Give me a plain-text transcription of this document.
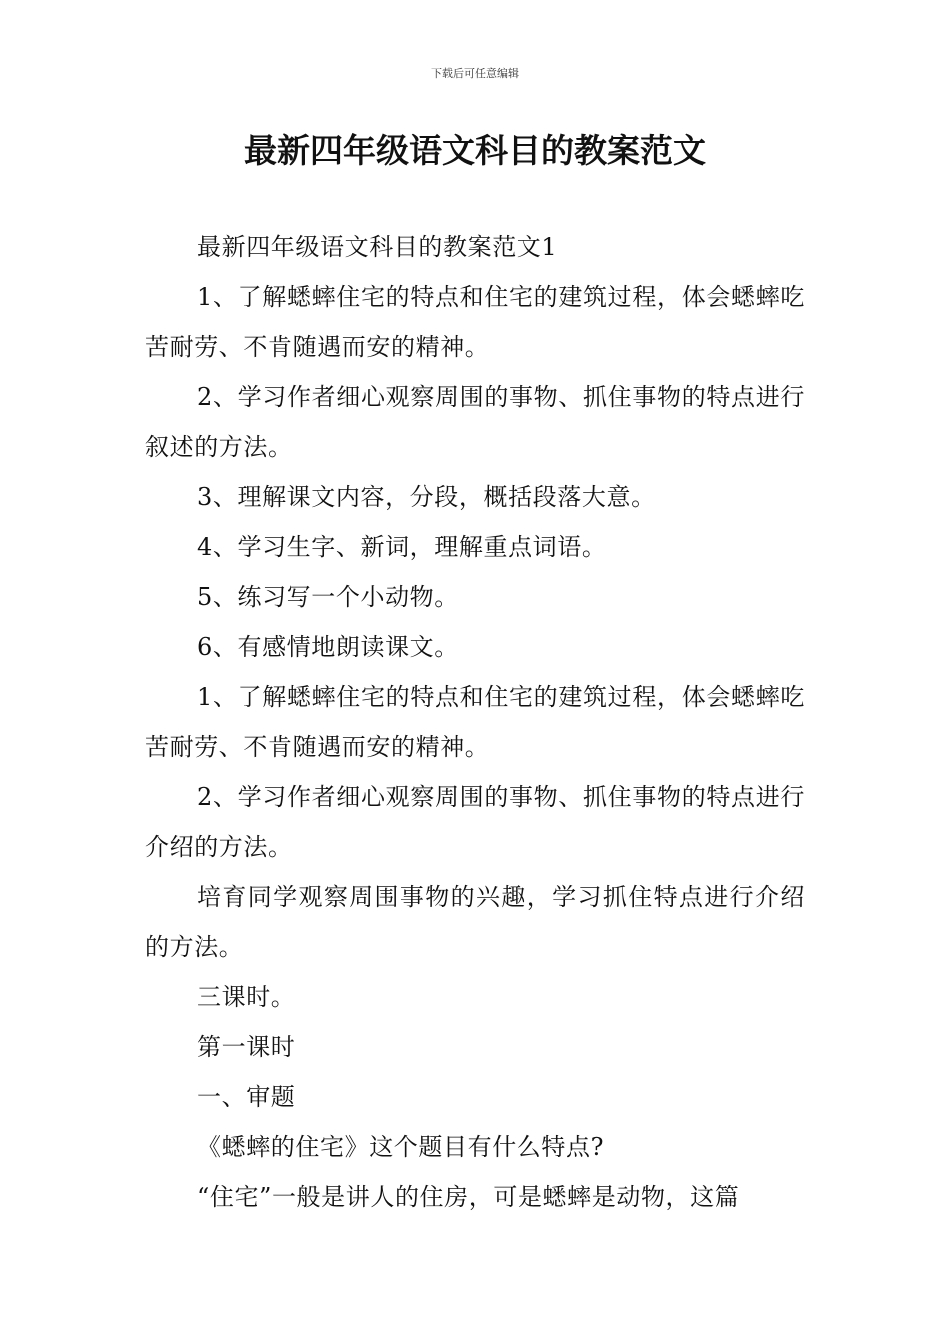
下载后可任意编辑
最新四年级语文科目的教案范文

最新四年级语文科目的教案范文1

1、了解蟋蟀住宅的特点和住宅的建筑过程，体会蟋蟀吃苦耐劳、不肯随遇而安的精神。

2、学习作者细心观察周围的事物、抓住事物的特点进行叙述的方法。

3、理解课文内容，分段，概括段落大意。

4、学习生字、新词，理解重点词语。

5、练习写一个小动物。

6、有感情地朗读课文。

1、了解蟋蟀住宅的特点和住宅的建筑过程，体会蟋蟀吃苦耐劳、不肯随遇而安的精神。

2、学习作者细心观察周围的事物、抓住事物的特点进行介绍的方法。

培育同学观察周围事物的兴趣，学习抓住特点进行介绍的方法。

三课时。

第一课时

一、审题

《蟋蟀的住宅》这个题目有什么特点?

“住宅”一般是讲人的住房，可是蟋蟀是动物，这篇
